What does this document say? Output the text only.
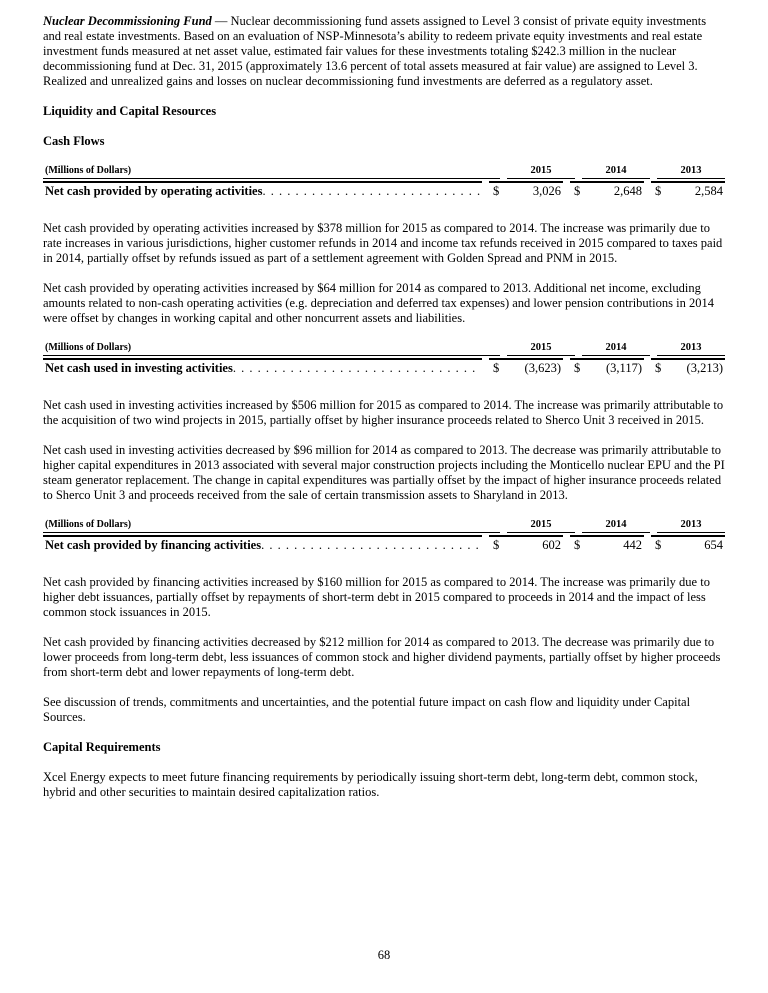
Nuclear Decommissioning Fund — Nuclear decommissioning fund assets assigned to Level 3 consist of private equity investments and real estate investments. Based on an evaluation of NSP-Minnesota’s ability to redeem private equity investments and real estate investment funds measured at net asset value, estimated fair values for these investments totaling $242.3 million in the nuclear decommissioning fund at Dec. 31, 2015 (approximately 13.6 percent of total assets measured at fair value) are assigned to Level 3. Realized and unrealized gains and losses on nuclear decommissioning fund investments are deferred as a regulatory asset.

Liquidity and Capital Resources
Cash Flows
(Millions of Dollars)	2015	2014	2013
Net cash provided by operating activities . . .	$	3,026 $	2,648 $	2,584

Net cash provided by operating activities increased by $378 million for 2015 as compared to 2014. The increase was primarily due to rate increases in various jurisdictions, higher customer refunds in 2014 and income tax refunds received in 2015 compared to taxes paid in 2014, partially offset by refunds issued as part of a settlement agreement with Golden Spread and PNM in 2015.

Net cash provided by operating activities increased by $64 million for 2014 as compared to 2013. Additional net income, excluding amounts related to non-cash operating activities (e.g. depreciation and deferred tax expenses) and lower pension contributions in 2014 were offset by changes in working capital and other noncurrent assets and liabilities.

(Millions of Dollars)	2015	2014	2013
Net cash used in investing activities . . .	$ (3,623) $ (3,117) $ (3,213)

Net cash used in investing activities increased by $506 million for 2015 as compared to 2014. The increase was primarily attributable to the acquisition of two wind projects in 2015, partially offset by higher insurance proceeds related to Sherco Unit 3 received in 2015.

Net cash used in investing activities decreased by $96 million for 2014 as compared to 2013. The decrease was primarily attributable to higher capital expenditures in 2013 associated with several major construction projects including the Monticello nuclear EPU and the PI steam generator replacement. The change in capital expenditures was partially offset by the impact of higher insurance proceeds related to Sherco Unit 3 and proceeds received from the sale of certain transmission assets to Sharyland in 2013.

(Millions of Dollars)	2015	2014	2013
Net cash provided by financing activities . . .	$	602 $	442 $	654

Net cash provided by financing activities increased by $160 million for 2015 as compared to 2014. The increase was primarily due to higher debt issuances, partially offset by repayments of short-term debt in 2015 compared to proceeds in 2014 and the impact of less common stock issuances in 2015.

Net cash provided by financing activities decreased by $212 million for 2014 as compared to 2013. The decrease was primarily due to lower proceeds from long-term debt, less issuances of common stock and higher dividend payments, partially offset by higher proceeds from short-term debt and lower repayments of long-term debt.

See discussion of trends, commitments and uncertainties, and the potential future impact on cash flow and liquidity under Capital Sources.

Capital Requirements

Xcel Energy expects to meet future financing requirements by periodically issuing short-term debt, long-term debt, common stock, hybrid and other securities to maintain desired capitalization ratios.

68
